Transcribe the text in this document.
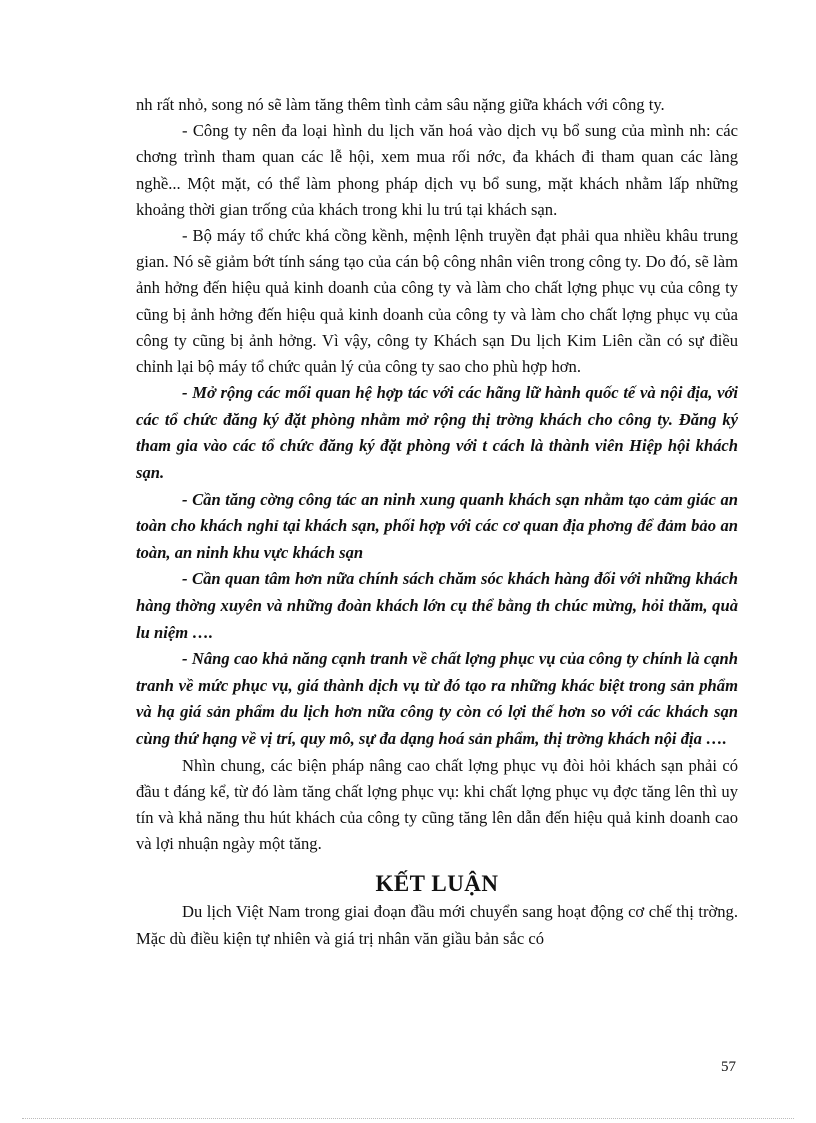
nh rất nhỏ, song nó sẽ làm tăng thêm tình cảm sâu nặng giữa khách với công ty.

- Công ty nên đa loại hình du lịch văn hoá vào dịch vụ bổ sung của mình nh: các chơng trình tham quan các lễ hội, xem mua rối nớc, đa khách đi tham quan các làng nghề... Một mặt, có thể làm phong pháp dịch vụ bổ sung, mặt khách nhằm lấp những khoảng thời gian trống của khách trong khi lu trú tại khách sạn.

- Bộ máy tổ chức khá cồng kềnh, mệnh lệnh truyền đạt phải qua nhiều khâu trung gian. Nó sẽ giảm bớt tính sáng tạo của cán bộ công nhân viên trong công ty. Do đó, sẽ làm ảnh hởng đến hiệu quả kinh doanh của công ty và làm cho chất lợng phục vụ của công ty cũng bị ảnh hởng đến hiệu quả kinh doanh của công ty và làm cho chất lợng phục vụ của công ty cũng bị ảnh hởng. Vì vậy, công ty Khách sạn Du lịch Kim Liên cần có sự điều chỉnh lại bộ máy tổ chức quản lý của công ty sao cho phù hợp hơn.

- Mở rộng các mối quan hệ hợp tác với các hãng lữ hành quốc tế và nội địa, với các tổ chức đăng ký đặt phòng nhằm mở rộng thị trờng khách cho công ty. Đăng ký tham gia vào các tổ chức đăng ký đặt phòng với t cách là thành viên Hiệp hội khách sạn.

- Cần tăng cờng công tác an ninh xung quanh khách sạn nhằm tạo cảm giác an toàn cho khách nghỉ tại khách sạn, phối hợp với các cơ quan địa phơng để đảm bảo an toàn, an ninh khu vực khách sạn

- Cần quan tâm hơn nữa chính sách chăm sóc khách hàng đối với những khách hàng thờng xuyên và những đoàn khách lớn cụ thể bằng th chúc mừng, hỏi thăm, quà lu niệm ….

- Nâng cao khả năng cạnh tranh về chất lợng phục vụ của công ty chính là cạnh tranh về mức phục vụ, giá thành dịch vụ từ đó tạo ra những khác biệt trong sản phẩm và hạ giá sản phẩm du lịch hơn nữa công ty còn có lợi thế hơn so với các khách sạn cùng thứ hạng về vị trí, quy mô, sự đa dạng hoá sản phẩm, thị trờng khách nội địa ….

Nhìn chung, các biện pháp nâng cao chất lợng phục vụ đòi hỏi khách sạn phải có đầu t đáng kể, từ đó làm tăng chất lợng phục vụ: khi chất lợng phục vụ đợc tăng lên thì uy tín và khả năng thu hút khách của công ty cũng tăng lên dẫn đến hiệu quả kinh doanh cao và lợi nhuận ngày một tăng.

KẾT LUẬN

Du lịch Việt Nam trong giai đoạn đầu mới chuyển sang hoạt động cơ chế thị trờng. Mặc dù điều kiện tự nhiên và giá trị nhân văn giầu bản sắc có

57
